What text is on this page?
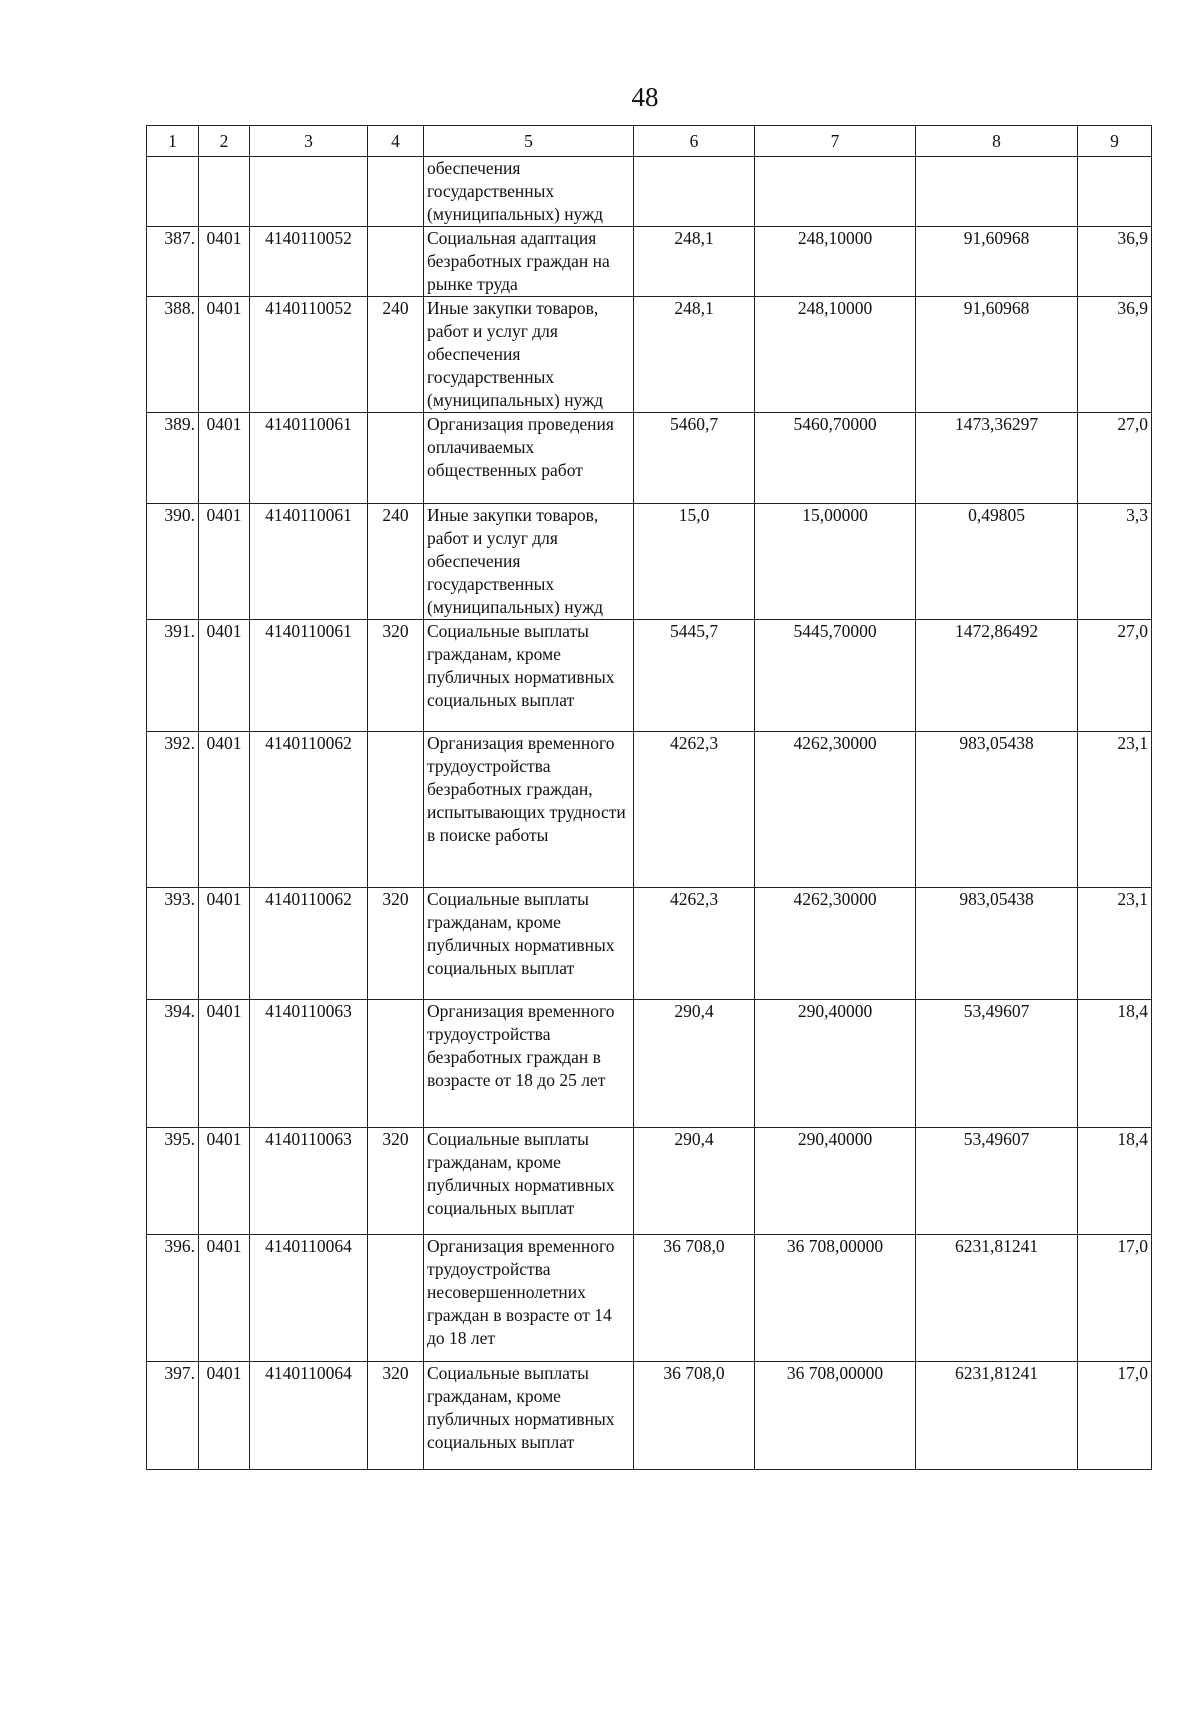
48
1	2	3	4	5	6	7	8	9
				обеспечения государственных (муниципальных) нужд				
387.	0401	4140110052		Социальная адаптация безработных граждан на рынке труда	248,1	248,10000	91,60968	36,9
388.	0401	4140110052	240	Иные закупки товаров, работ и услуг для обеспечения государственных (муниципальных) нужд	248,1	248,10000	91,60968	36,9
389.	0401	4140110061		Организация проведения оплачиваемых общественных работ	5460,7	5460,70000	1473,36297	27,0
390.	0401	4140110061	240	Иные закупки товаров, работ и услуг для обеспечения государственных (муниципальных) нужд	15,0	15,00000	0,49805	3,3
391.	0401	4140110061	320	Социальные выплаты гражданам, кроме публичных нормативных социальных выплат	5445,7	5445,70000	1472,86492	27,0
392.	0401	4140110062		Организация временного трудоустройства безработных граждан, испытывающих трудности в поиске работы	4262,3	4262,30000	983,05438	23,1
393.	0401	4140110062	320	Социальные выплаты гражданам, кроме публичных нормативных социальных выплат	4262,3	4262,30000	983,05438	23,1
394.	0401	4140110063		Организация временного трудоустройства безработных граждан в возрасте от 18 до 25 лет	290,4	290,40000	53,49607	18,4
395.	0401	4140110063	320	Социальные выплаты гражданам, кроме публичных нормативных социальных выплат	290,4	290,40000	53,49607	18,4
396.	0401	4140110064		Организация временного трудоустройства несовершеннолетних граждан в возрасте от 14 до 18 лет	36 708,0	36 708,00000	6231,81241	17,0
397.	0401	4140110064	320	Социальные выплаты гражданам, кроме публичных нормативных социальных выплат	36 708,0	36 708,00000	6231,81241	17,0
